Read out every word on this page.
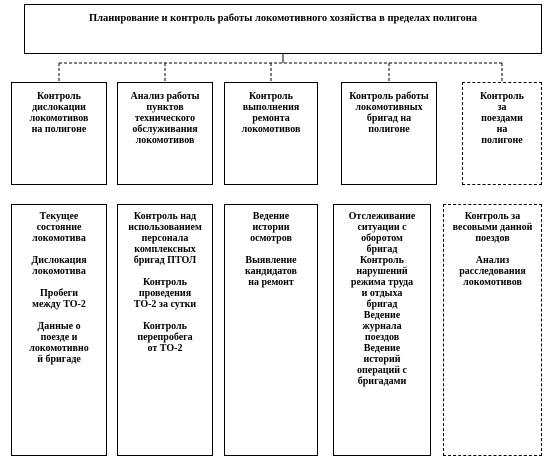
Планирование и контроль работы локомотивного хозяйства в пределах полигона
Контроль
дислокации
локомотивов
на полигоне
Анализ работы
пунктов
технического
обслуживания
локомотивов
Контроль
выполнения
ремонта
локомотивов
Контроль работы
локомотивных
бригад на
полигоне
Контроль
за
поездами
на
полигоне
Текущее
состояние
локомотива
Дислокация
локомотива
Пробеги
между ТО-2
Данные о
поезде и
локомотивно
й бригаде
Контроль над
использованием
персонала
комплексных
бригад ПТОЛ
Контроль
проведения
ТО-2 за сутки
Контроль
перепробега
от ТО-2
Ведение
истории
осмотров
Выявление
кандидатов
на ремонт
Отслеживание
ситуации с
оборотом
бригад
Контроль
нарушений
режима труда
и отдыха
бригад
Ведение
журнала
поездов
Ведение
историй
операций с
бригадами
Контроль за
весовыми данной
поездов
Анализ
расследования
локомотивов
